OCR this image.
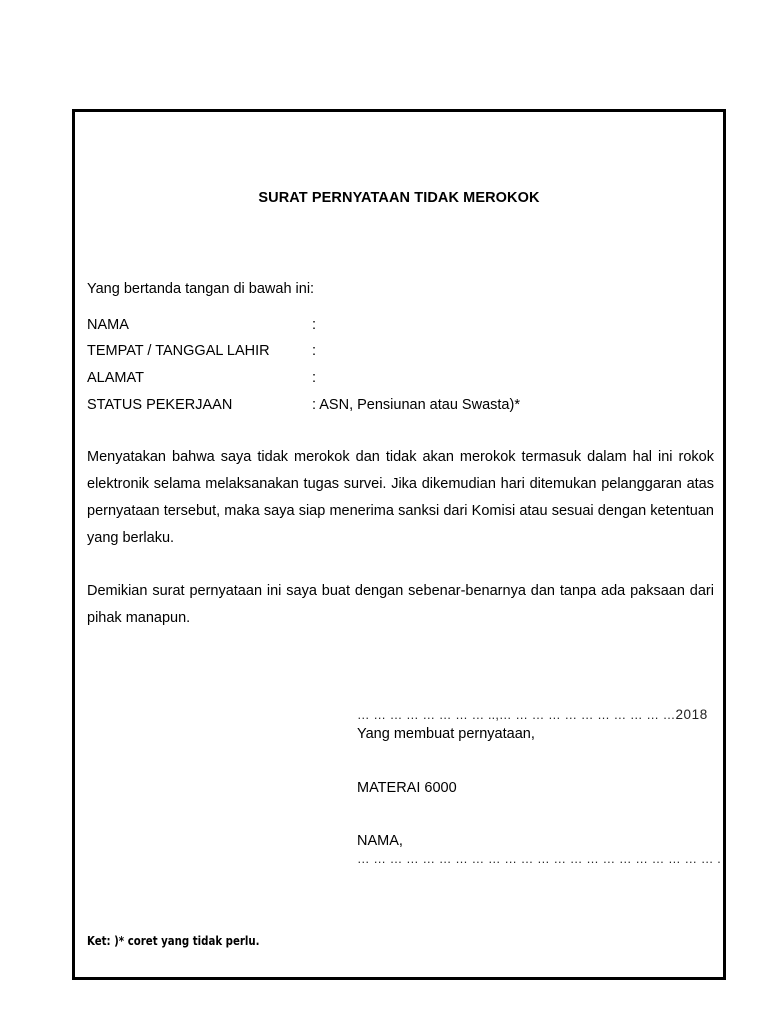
SURAT PERNYATAAN TIDAK MEROKOK
Yang bertanda tangan di bawah ini:
NAMA	:
TEMPAT / TANGGAL LAHIR	:
ALAMAT	:
STATUS PEKERJAAN	: ASN, Pensiunan atau Swasta)*
Menyatakan bahwa saya tidak merokok dan tidak akan merokok termasuk dalam hal ini rokok elektronik selama melaksanakan tugas survei. Jika dikemudian hari ditemukan pelanggaran atas pernyataan tersebut, maka saya siap menerima sanksi dari Komisi atau sesuai dengan ketentuan yang berlaku.
Demikian surat pernyataan ini saya buat dengan sebenar-benarnya dan tanpa ada paksaan dari pihak manapun.
… … … … … … … … ..,… … … … … … … … … … …2018
Yang membuat pernyataan,
MATERAI 6000
NAMA,
… … … … … … … … … … … … … … … … … … … … … … .
Ket: )* coret yang tidak perlu.
